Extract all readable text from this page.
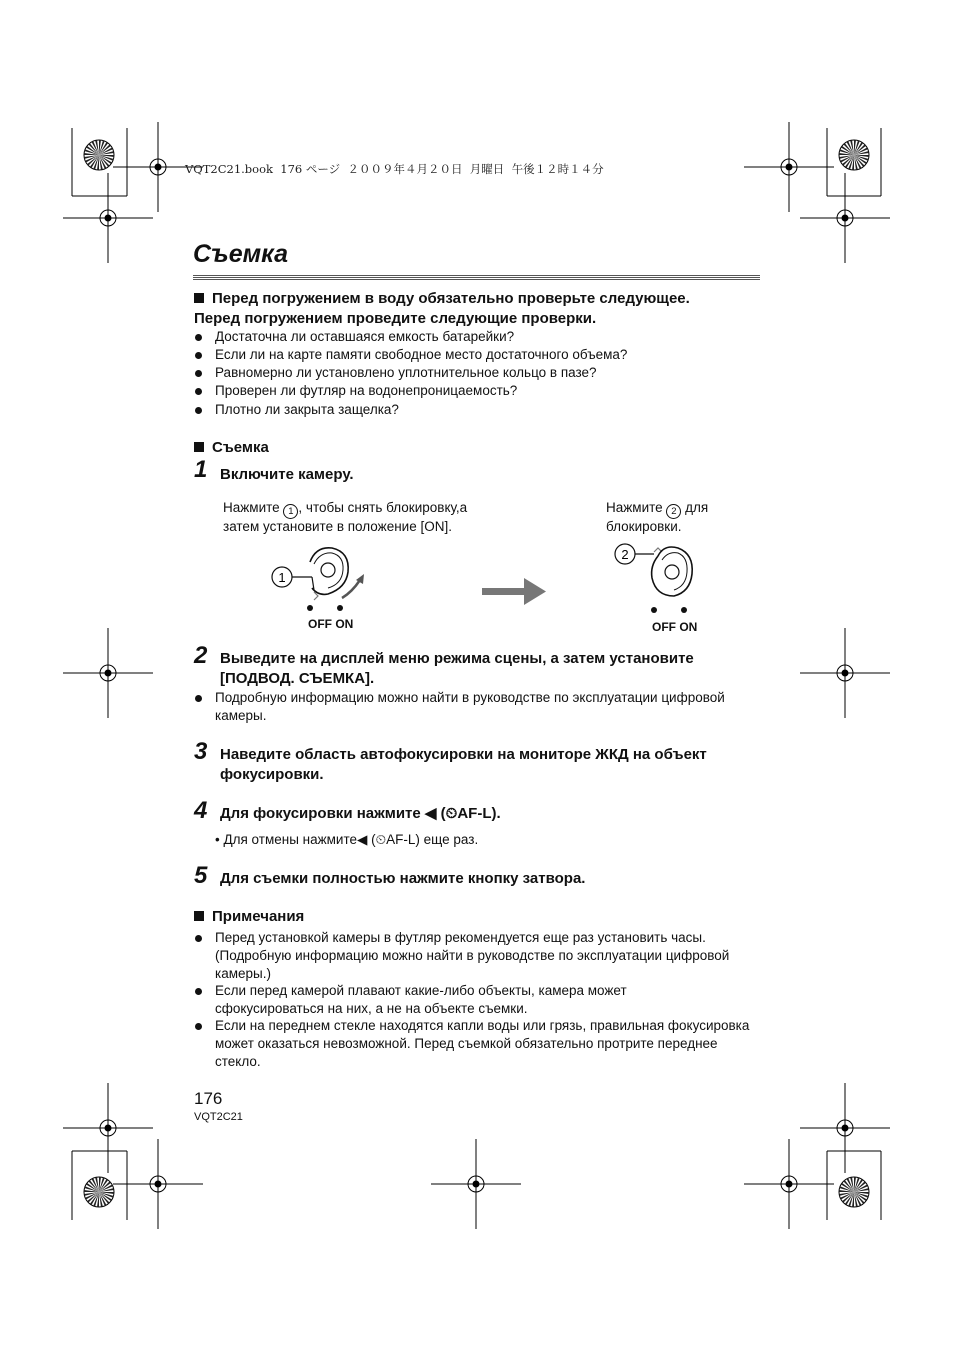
VQT2C21.book  176 ページ  ２００９年４月２０日  月曜日  午後１２時１４分
Съемка
Перед погружением в воду обязательно проверьте следующее.
Перед погружением проведите следующие проверки.
Достаточна ли оставшаяся емкость батарейки?
Если ли на карте памяти свободное место достаточного объема?
Равномерно ли установлено уплотнительное кольцо в пазе?
Проверен ли футляр на водонепроницаемость?
Плотно ли закрыта защелка?
Съемка
1 Включите камеру.
Нажмите 1 , чтобы снять блокировку,а
затем установите в положение [ON].
Нажмите 2 для
блокировки.
1
OFF ON
2
OFF ON
2 Выведите на дисплей меню режима сцены, а затем установите [ПОДВОД. СЪЕМКА].
Подробную информацию можно найти в руководстве по эксплуатации цифровой камеры.
3 Наведите область автофокусировки на мониторе ЖКД на объект фокусировки.
4 Для фокусировки нажмите ◀ (⏲AF-L).
• Для отмены нажмите◀ (⏲AF-L) еще раз.
5 Для съемки полностью нажмите кнопку затвора.
Примечания
Перед установкой камеры в футляр рекомендуется еще раз установить часы. (Подробную информацию можно найти в руководстве по эксплуатации цифровой камеры.)
Если перед камерой плавают какие-либо объекты, камера может сфокусироваться на них, а не на объекте съемки.
Если на переднем стекле находятся капли воды или грязь, правильная фокусировка может оказаться невозможной. Перед съемкой обязательно протрите переднее стекло.
176
VQT2C21
